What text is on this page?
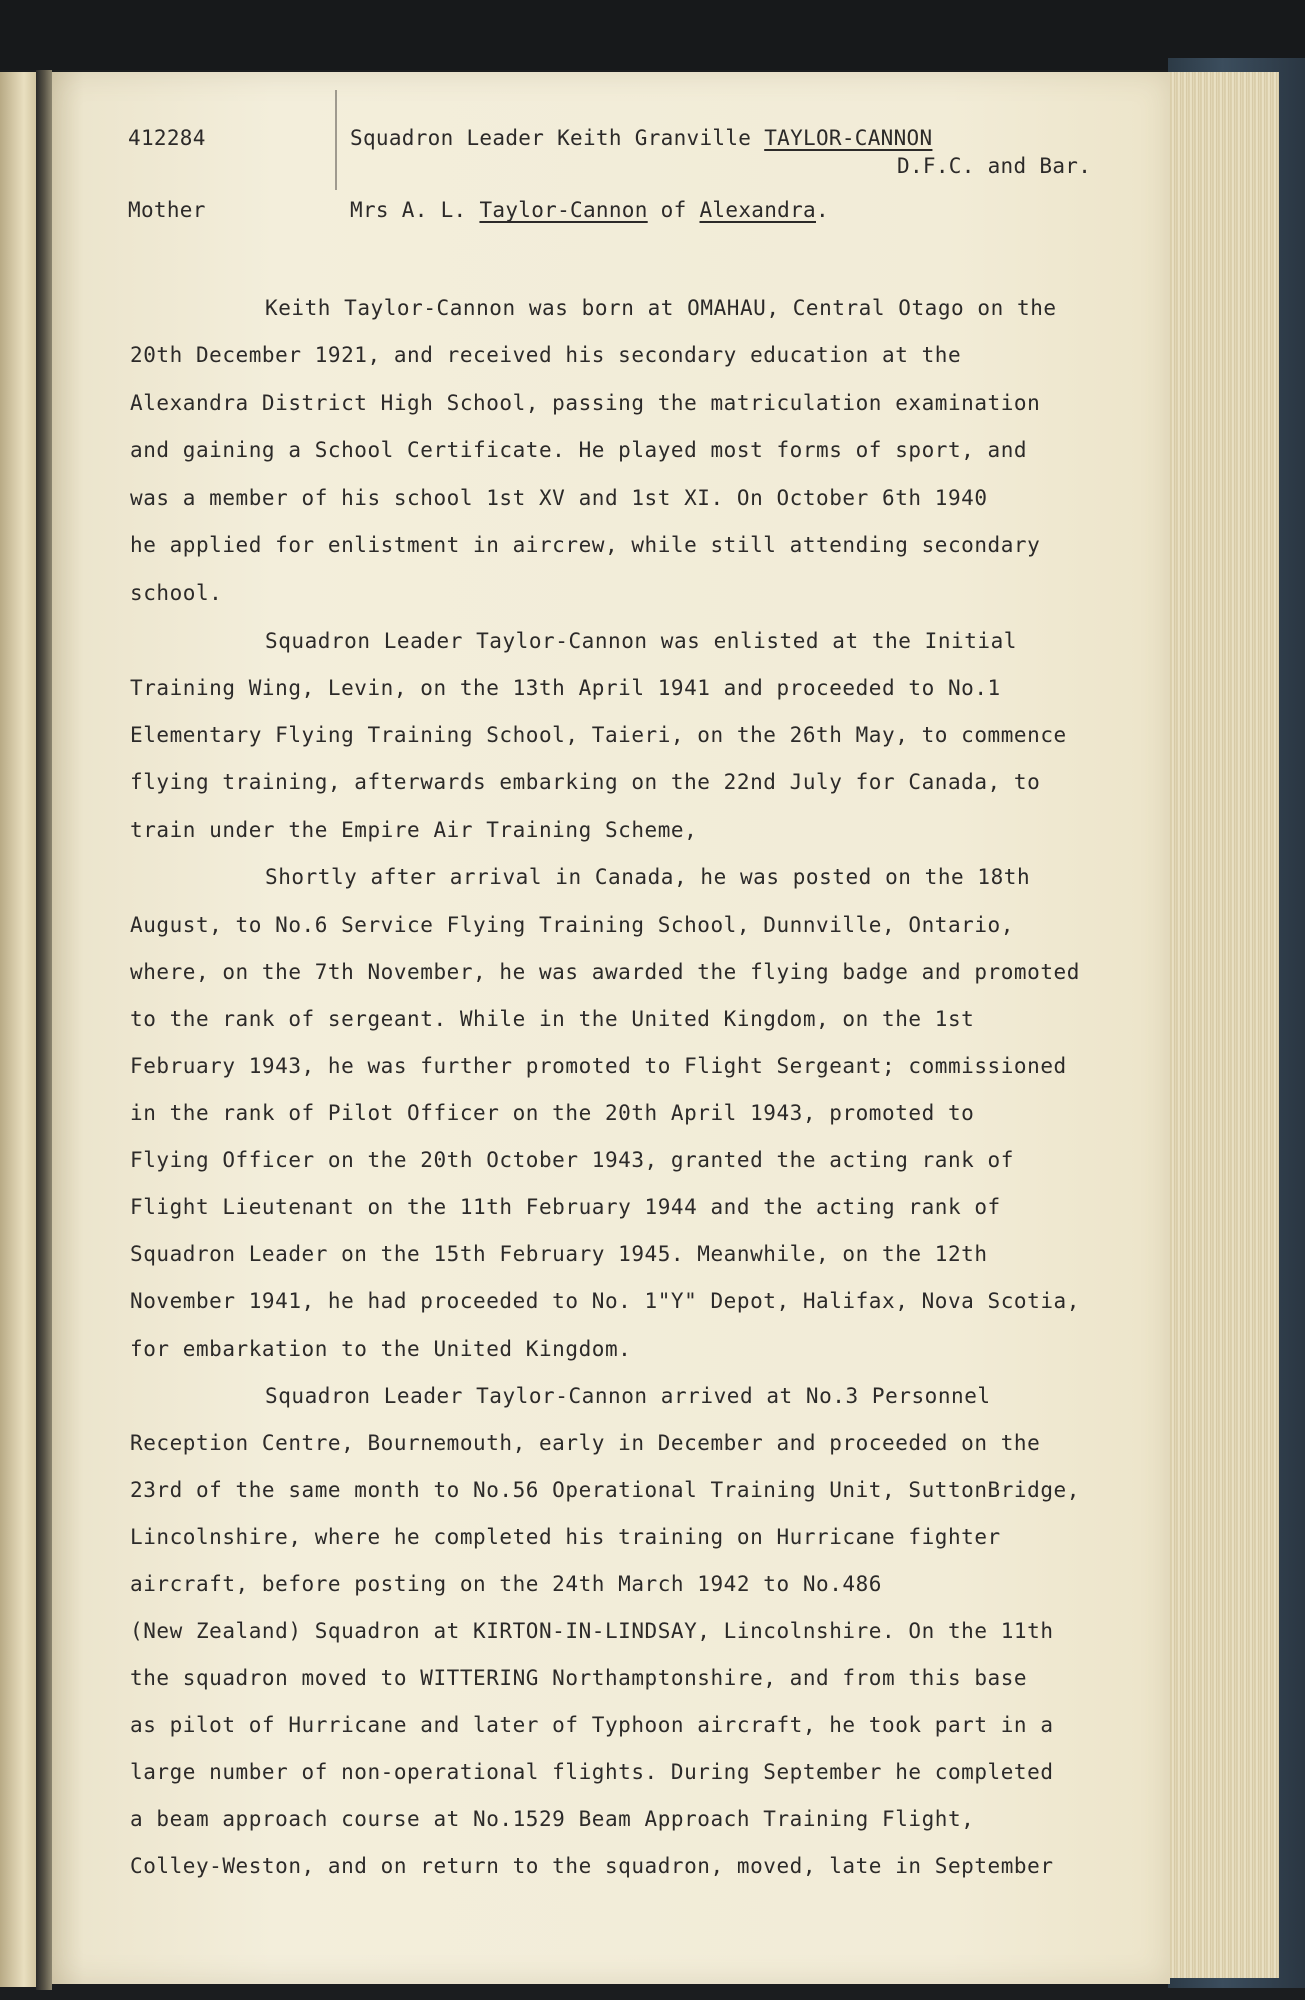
412284	Squadron Leader Keith Granville TAYLOR-CANNON
D.F.C. and Bar.
Mother	Mrs A. L. Taylor-Cannon of Alexandra.
Keith Taylor-Cannon was born at OMAHAU, Central Otago on the
20th December 1921, and received his secondary education at the
Alexandra District High School, passing the matriculation examination
and gaining a School Certificate. He played most forms of sport, and
was a member of his school 1st XV and 1st XI. On October 6th 1940
he applied for enlistment in aircrew, while still attending secondary
school.
Squadron Leader Taylor-Cannon was enlisted at the Initial
Training Wing, Levin, on the 13th April 1941 and proceeded to No.1
Elementary Flying Training School, Taieri, on the 26th May, to commence
flying training, afterwards embarking on the 22nd July for Canada, to
train under the Empire Air Training Scheme,
Shortly after arrival in Canada, he was posted on the 18th
August, to No.6 Service Flying Training School, Dunnville, Ontario,
where, on the 7th November, he was awarded the flying badge and promoted
to the rank of sergeant. While in the United Kingdom, on the 1st
February 1943, he was further promoted to Flight Sergeant; commissioned
in the rank of Pilot Officer on the 20th April 1943, promoted to
Flying Officer on the 20th October 1943, granted the acting rank of
Flight Lieutenant on the 11th February 1944 and the acting rank of
Squadron Leader on the 15th February 1945. Meanwhile, on the 12th
November 1941, he had proceeded to No. 1"Y" Depot, Halifax, Nova Scotia,
for embarkation to the United Kingdom.
Squadron Leader Taylor-Cannon arrived at No.3 Personnel
Reception Centre, Bournemouth, early in December and proceeded on the
23rd of the same month to No.56 Operational Training Unit, SuttonBridge,
Lincolnshire, where he completed his training on Hurricane fighter
aircraft, before posting on the 24th March 1942 to No.486
(New Zealand) Squadron at KIRTON-IN-LINDSAY, Lincolnshire. On the 11th
the squadron moved to WITTERING Northamptonshire, and from this base
as pilot of Hurricane and later of Typhoon aircraft, he took part in a
large number of non-operational flights. During September he completed
a beam approach course at No.1529 Beam Approach Training Flight,
Colley-Weston, and on return to the squadron, moved, late in September
